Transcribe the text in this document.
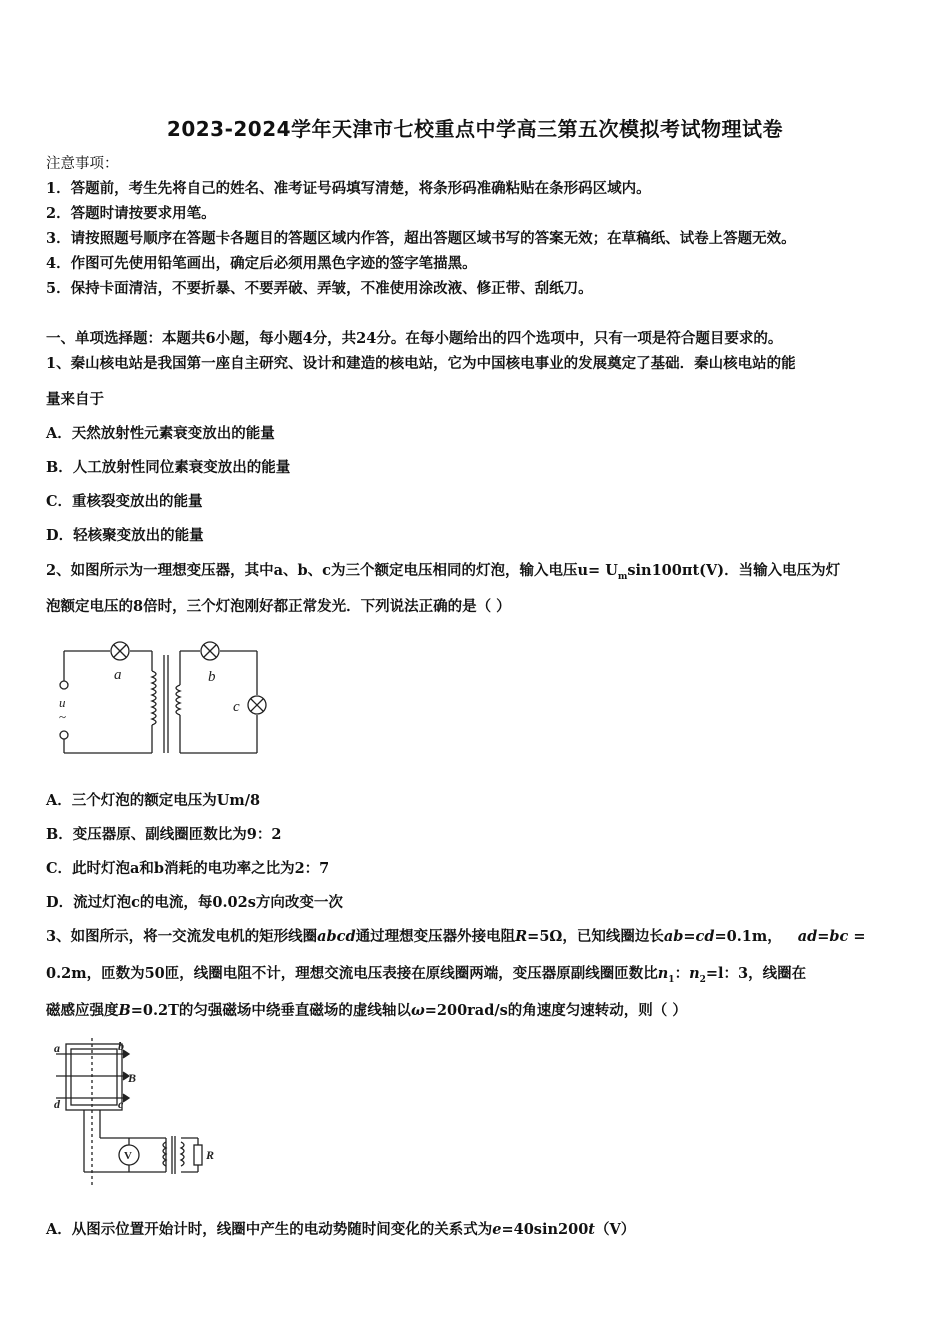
2023-2024学年天津市七校重点中学高三第五次模拟考试物理试卷
注意事项：
1．答题前，考生先将自己的姓名、准考证号码填写清楚，将条形码准确粘贴在条形码区域内。
2．答题时请按要求用笔。
3．请按照题号顺序在答题卡各题目的答题区域内作答，超出答题区域书写的答案无效；在草稿纸、试卷上答题无效。
4．作图可先使用铅笔画出，确定后必须用黑色字迹的签字笔描黑。
5．保持卡面清洁，不要折暴、不要弄破、弄皱，不准使用涂改液、修正带、刮纸刀。
一、单项选择题：本题共6小题，每小题4分，共24分。在每小题给出的四个选项中，只有一项是符合题目要求的。
1、秦山核电站是我国第一座自主研究、设计和建造的核电站，它为中国核电事业的发展奠定了基础．秦山核电站的能
量来自于
A．天然放射性元素衰变放出的能量
B．人工放射性同位素衰变放出的能量
C．重核裂变放出的能量
D．轻核聚变放出的能量
2、如图所示为一理想变压器，其中a、b、c为三个额定电压相同的灯泡，输入电压$u= U_m\sin 100\pi t(V)$．当输入电压为灯
泡额定电压的8倍时，三个灯泡刚好都正常发光．下列说法正确的是（ ）
a	b
c
u
~
A．三个灯泡的额定电压为Um/8
B．变压器原、副线圈匝数比为9：2
C．此时灯泡a和b消耗的电功率之比为2：7
D．流过灯泡c的电流，每0.02s方向改变一次
3、如图所示，将一交流发电机的矩形线圈abcd通过理想变压器外接电阻R=5Ω，已知线圈边长ab=cd=0.1m， ad=bc =
0.2m，匝数为50匝，线圈电阻不计，理想交流电压表接在原线圈两端，变压器原副线圈匝数比$n_1$：$n_2=l$：3，线圈在
磁感应强度B=0.2T的匀强磁场中绕垂直磁场的虚线轴以ω=200rad/s的角速度匀速转动，则（ ）
a	b
c
d
B
V	R
A．从图示位置开始计时，线圈中产生的电动势随时间变化的关系式为e=40sin200t（V）
